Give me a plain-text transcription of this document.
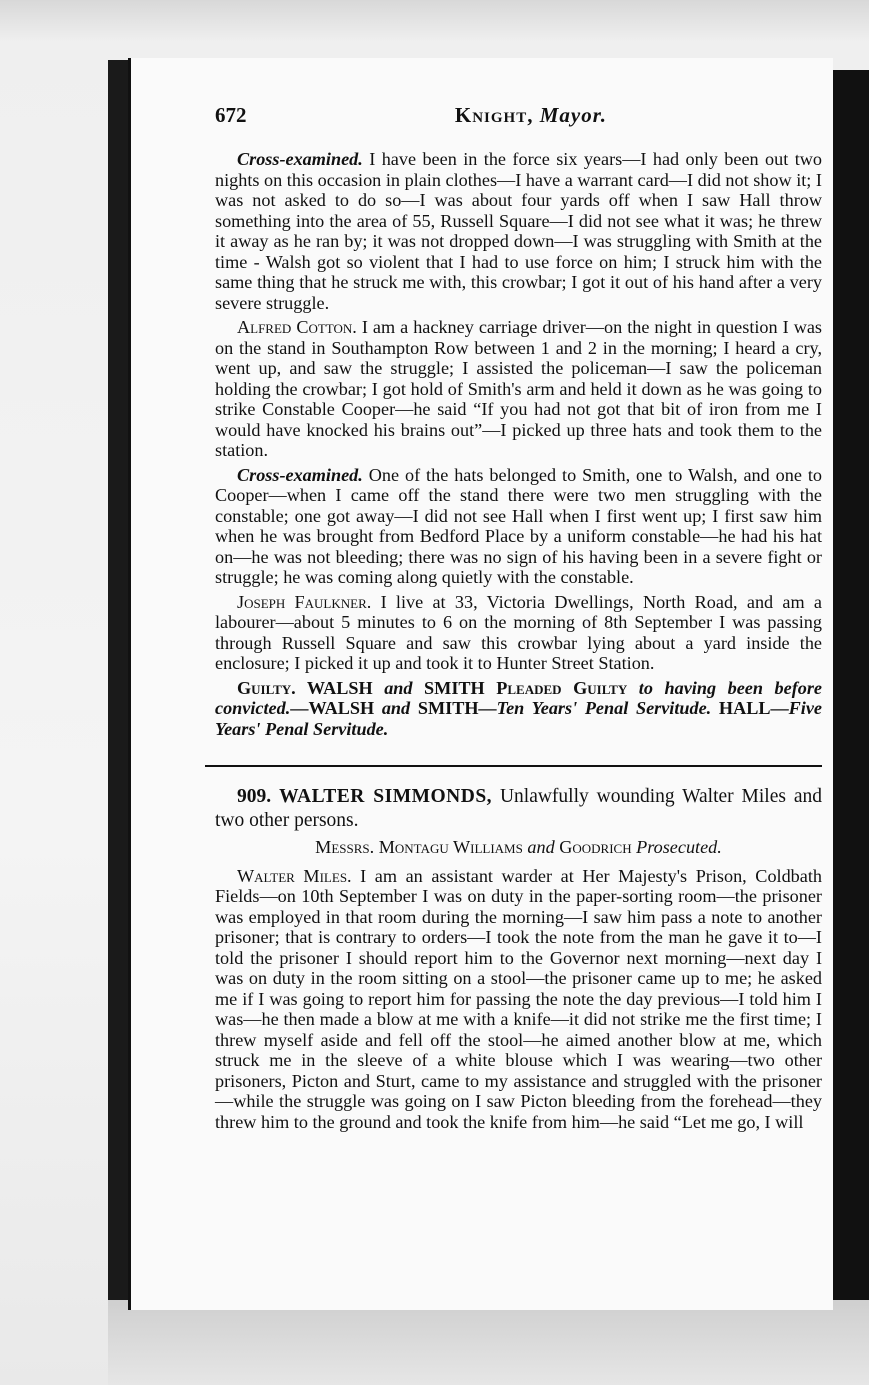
672	Knight, Mayor.

Cross-examined. I have been in the force six years—I had only been out two nights on this occasion in plain clothes—I have a warrant card—I did not show it; I was not asked to do so—I was about four yards off when I saw Hall throw something into the area of 55, Russell Square—I did not see what it was; he threw it away as he ran by; it was not dropped down—I was struggling with Smith at the time - Walsh got so violent that I had to use force on him; I struck him with the same thing that he struck me with, this crowbar; I got it out of his hand after a very severe struggle.

Alfred Cotton. I am a hackney carriage driver—on the night in question I was on the stand in Southampton Row between 1 and 2 in the morning; I heard a cry, went up, and saw the struggle; I assisted the policeman—I saw the policeman holding the crowbar; I got hold of Smith's arm and held it down as he was going to strike Constable Cooper—he said “If you had not got that bit of iron from me I would have knocked his brains out”—I picked up three hats and took them to the station.

Cross-examined. One of the hats belonged to Smith, one to Walsh, and one to Cooper—when I came off the stand there were two men struggling with the constable; one got away—I did not see Hall when I first went up; I first saw him when he was brought from Bedford Place by a uniform constable—he had his hat on—he was not bleeding; there was no sign of his having been in a severe fight or struggle; he was coming along quietly with the constable.

Joseph Faulkner. I live at 33, Victoria Dwellings, North Road, and am a labourer—about 5 minutes to 6 on the morning of 8th September I was passing through Russell Square and saw this crowbar lying about a yard inside the enclosure; I picked it up and took it to Hunter Street Station.

Guilty. WALSH and SMITH Pleaded Guilty to having been before convicted.—WALSH and SMITH—Ten Years' Penal Servitude. HALL—Five Years' Penal Servitude.

909. WALTER SIMMONDS, Unlawfully wounding Walter Miles and two other persons.

Messrs. Montagu Williams and Goodrich Prosecuted.

Walter Miles. I am an assistant warder at Her Majesty's Prison, Coldbath Fields—on 10th September I was on duty in the paper-sorting room—the prisoner was employed in that room during the morning—I saw him pass a note to another prisoner; that is contrary to orders—I took the note from the man he gave it to—I told the prisoner I should report him to the Governor next morning—next day I was on duty in the room sitting on a stool—the prisoner came up to me; he asked me if I was going to report him for passing the note the day previous—I told him I was—he then made a blow at me with a knife—it did not strike me the first time; I threw myself aside and fell off the stool—he aimed another blow at me, which struck me in the sleeve of a white blouse which I was wearing—two other prisoners, Picton and Sturt, came to my assistance and struggled with the prisoner—while the struggle was going on I saw Picton bleeding from the forehead—they threw him to the ground and took the knife from him—he said “Let me go, I will
